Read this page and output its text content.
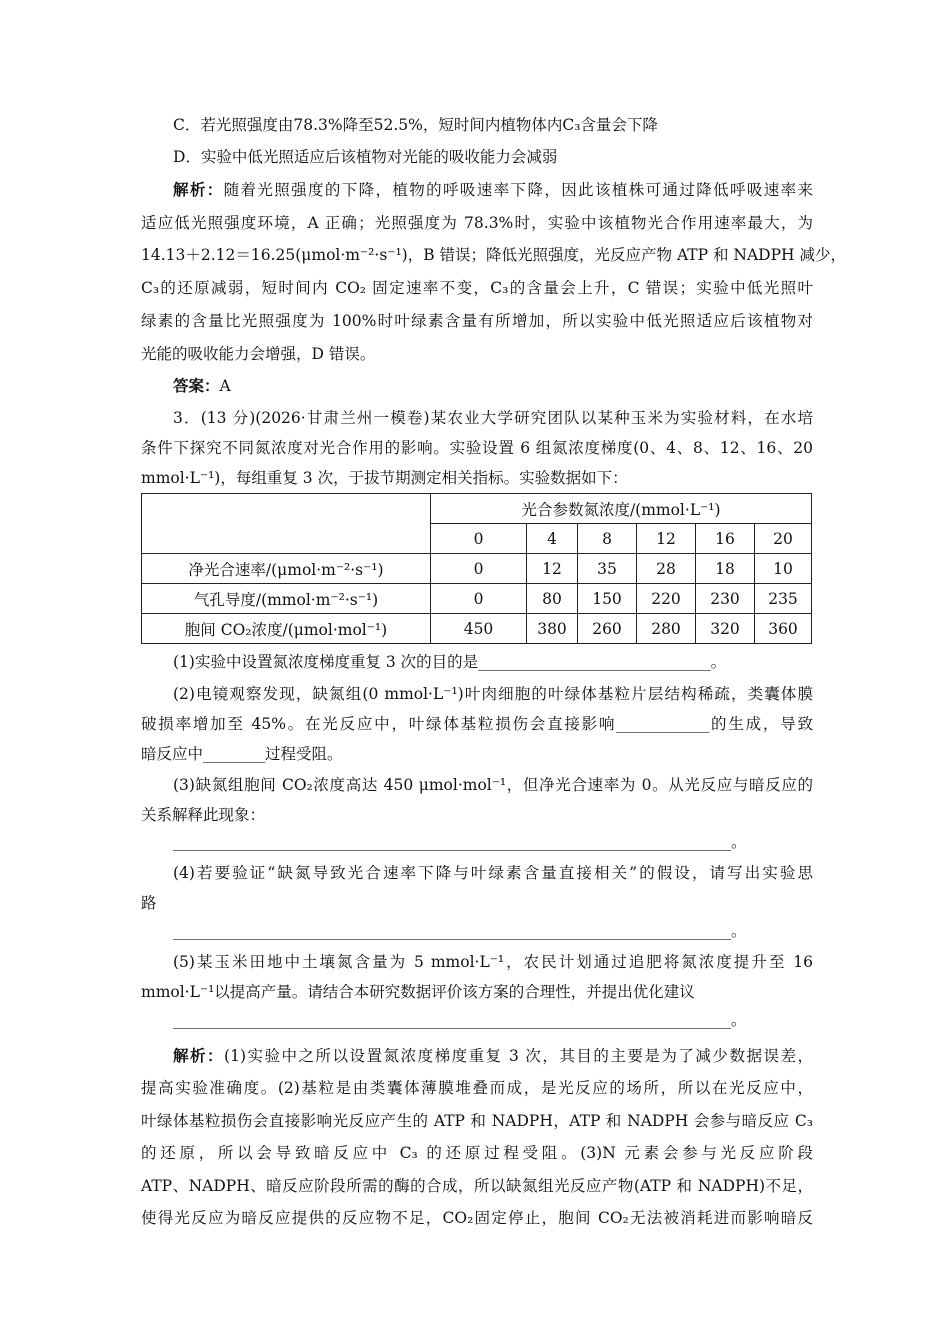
C．若光照强度由78.3%降至52.5%，短时间内植物体内C₃含量会下降
D．实验中低光照适应后该植物对光能的吸收能力会减弱
解析：随着光照强度的下降，植物的呼吸速率下降，因此该植株可通过降低呼吸速率来
适应低光照强度环境，A 正确；光照强度为 78.3%时，实验中该植物光合作用速率最大，为
14.13＋2.12＝16.25(μmol·m⁻²·s⁻¹)，B 错误；降低光照强度，光反应产物 ATP 和 NADPH 减少，
C₃的还原减弱，短时间内 CO₂ 固定速率不变，C₃的含量会上升，C 错误；实验中低光照叶
绿素的含量比光照强度为 100%时叶绿素含量有所增加，所以实验中低光照适应后该植物对
光能的吸收能力会增强，D 错误。
答案：A
3．(13 分)(2026·甘肃兰州一模卷)某农业大学研究团队以某种玉米为实验材料，在水培
条件下探究不同氮浓度对光合作用的影响。实验设置 6 组氮浓度梯度(0、4、8、12、16、20
mmol·L⁻¹)，每组重复 3 次，于拔节期测定相关指标。实验数据如下：
	光合参数氮浓度/(mmol·L⁻¹)					
	0	4	8	12	16	20
净光合速率/(μmol·m⁻²·s⁻¹)	0	12	35	28	18	10
气孔导度/(mmol·m⁻²·s⁻¹)	0	80	150	220	230	235
胞间 CO₂浓度/(μmol·mol⁻¹)	450	380	260	280	320	360
(1)实验中设置氮浓度梯度重复 3 次的目的是______________________________。
(2)电镜观察发现，缺氮组(0 mmol·L⁻¹)叶肉细胞的叶绿体基粒片层结构稀疏，类囊体膜
破损率增加至 45%。在光反应中，叶绿体基粒损伤会直接影响____________的生成，导致
暗反应中________过程受阻。
(3)缺氮组胞间 CO₂浓度高达 450 μmol·mol⁻¹，但净光合速率为 0。从光反应与暗反应的
关系解释此现象：
________________________________________________________________________。
(4)若要验证“缺氮导致光合速率下降与叶绿素含量直接相关”的假设，请写出实验思
路
________________________________________________________________________。
(5)某玉米田地中土壤氮含量为 5 mmol·L⁻¹，农民计划通过追肥将氮浓度提升至 16
mmol·L⁻¹以提高产量。请结合本研究数据评价该方案的合理性，并提出优化建议
________________________________________________________________________。
解析：(1)实验中之所以设置氮浓度梯度重复 3 次，其目的主要是为了减少数据误差，
提高实验准确度。(2)基粒是由类囊体薄膜堆叠而成，是光反应的场所，所以在光反应中，
叶绿体基粒损伤会直接影响光反应产生的 ATP 和 NADPH，ATP 和 NADPH 会参与暗反应 C₃
的还原，所以会导致暗反应中 C₃ 的还原过程受阻。(3)N 元素会参与光反应阶段
ATP、NADPH、暗反应阶段所需的酶的合成，所以缺氮组光反应产物(ATP 和 NADPH)不足，
使得光反应为暗反应提供的反应物不足，CO₂固定停止，胞间 CO₂无法被消耗进而影响暗反
